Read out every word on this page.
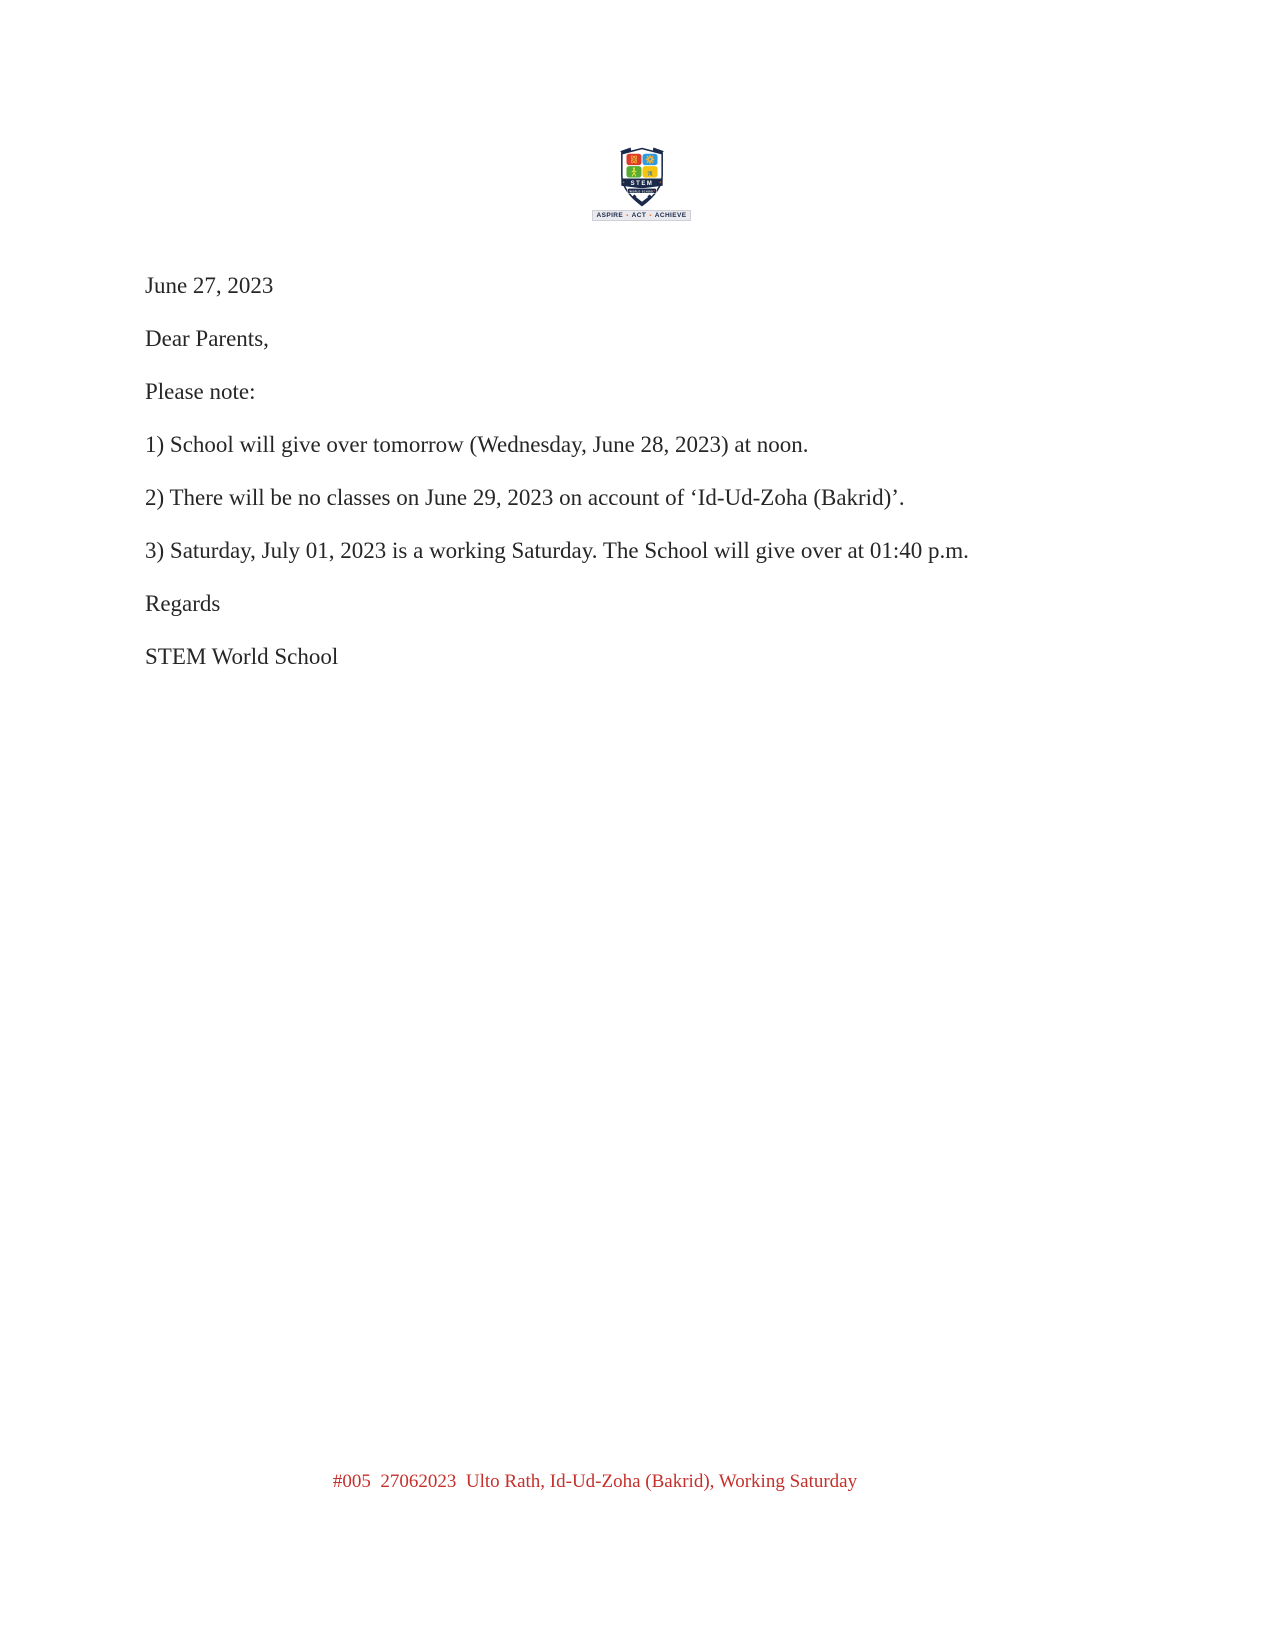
π
STEM
WORLD SCHOOL
ASPIRE ▪ ACT ▪ ACHIEVE

June 27, 2023

Dear Parents,

Please note:

1) School will give over tomorrow (Wednesday, June 28, 2023) at noon.

2) There will be no classes on June 29, 2023 on account of ‘Id-Ud-Zoha (Bakrid)’.

3) Saturday, July 01, 2023 is a working Saturday. The School will give over at 01:40 p.m.

Regards

STEM World School

#005  27062023  Ulto Rath, Id-Ud-Zoha (Bakrid), Working Saturday
